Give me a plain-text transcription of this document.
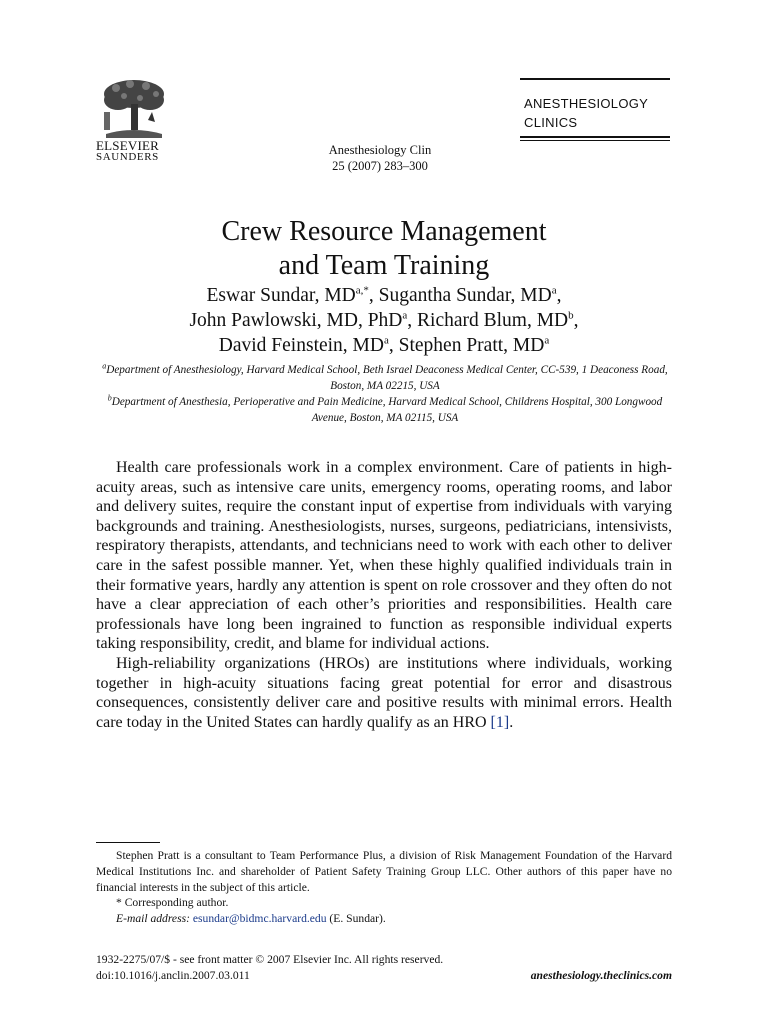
ELSEVIER
SAUNDERS	Anesthesiology Clin
25 (2007) 283–300
ANESTHESIOLOGY
CLINICS
Crew Resource Management
and Team Training
Eswar Sundar, $MD^{a,*}$, Sugantha Sundar, $MD^a$,
John Pawlowski, MD, PhD$^a$, Richard Blum, $MD^b$,
David Feinstein, $MD^a$, Stephen Pratt, $MD^a$
$^a$Department of Anesthesiology, Harvard Medical School, Beth Israel Deaconess Medical Center, CC-539, 1 Deaconess Road, Boston, MA 02215, USA
$^b$Department of Anesthesia, Perioperative and Pain Medicine, Harvard Medical School, Childrens Hospital, 300 Longwood Avenue, Boston, MA 02115, USA

Health care professionals work in a complex environment. Care of patients in high-acuity areas, such as intensive care units, emergency rooms, operating rooms, and labor and delivery suites, require the constant input of expertise from individuals with varying backgrounds and training. Anesthesiologists, nurses, surgeons, pediatricians, intensivists, respiratory therapists, attendants, and technicians need to work with each other to deliver care in the safest possible manner. Yet, when these highly qualified individuals train in their formative years, hardly any attention is spent on role crossover and they often do not have a clear appreciation of each other’s priorities and responsibilities. Health care professionals have long been ingrained to function as responsible individual experts taking responsibility, credit, and blame for individual actions.

High-reliability organizations (HROs) are institutions where individuals, working together in high-acuity situations facing great potential for error and disastrous consequences, consistently deliver care and positive results with minimal errors. Health care today in the United States can hardly qualify as an HRO [1].

Stephen Pratt is a consultant to Team Performance Plus, a division of Risk Management Foundation of the Harvard Medical Institutions Inc. and shareholder of Patient Safety Training Group LLC. Other authors of this paper have no financial interests in the subject of this article.

* Corresponding author.

E-mail address: esundar@bidmc.harvard.edu (E. Sundar).

1932-2275/07/$ - see front matter © 2007 Elsevier Inc. All rights reserved.
doi:10.1016/j.anclin.2007.03.011	anesthesiology.theclinics.com
